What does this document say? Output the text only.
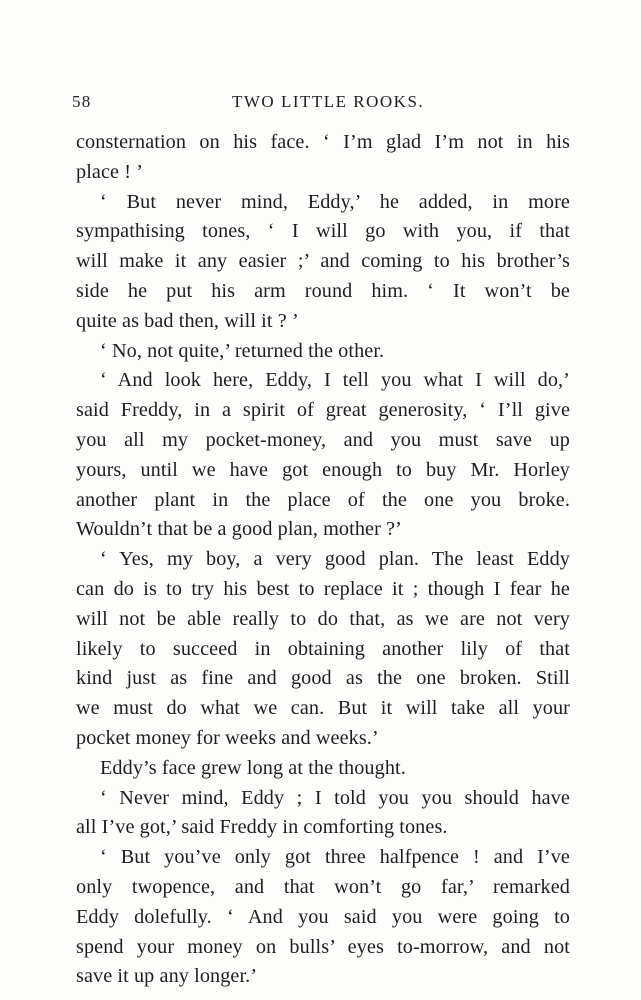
58	TWO LITTLE ROOKS.
consternation on his face. ‘ I’m glad I’m not in his
place ! ’
‘ But never mind, Eddy,’ he added, in more
sympathising tones, ‘ I will go with you, if that
will make it any easier ;’ and coming to his brother’s
side he put his arm round him. ‘ It won’t be
quite as bad then, will it ? ’
‘ No, not quite,’ returned the other.
‘ And look here, Eddy, I tell you what I will do,’
said Freddy, in a spirit of great generosity, ‘ I’ll give
you all my pocket-money, and you must save up
yours, until we have got enough to buy Mr. Horley
another plant in the place of the one you broke.
Wouldn’t that be a good plan, mother ?’
‘ Yes, my boy, a very good plan. The least Eddy
can do is to try his best to replace it ; though I fear he
will not be able really to do that, as we are not very
likely to succeed in obtaining another lily of that
kind just as fine and good as the one broken. Still
we must do what we can. But it will take all your
pocket money for weeks and weeks.’
Eddy’s face grew long at the thought.
‘ Never mind, Eddy ; I told you you should have
all I’ve got,’ said Freddy in comforting tones.
‘ But you’ve only got three halfpence ! and I’ve
only twopence, and that won’t go far,’ remarked
Eddy dolefully. ‘ And you said you were going to
spend your money on bulls’ eyes to-morrow, and not
save it up any longer.’
